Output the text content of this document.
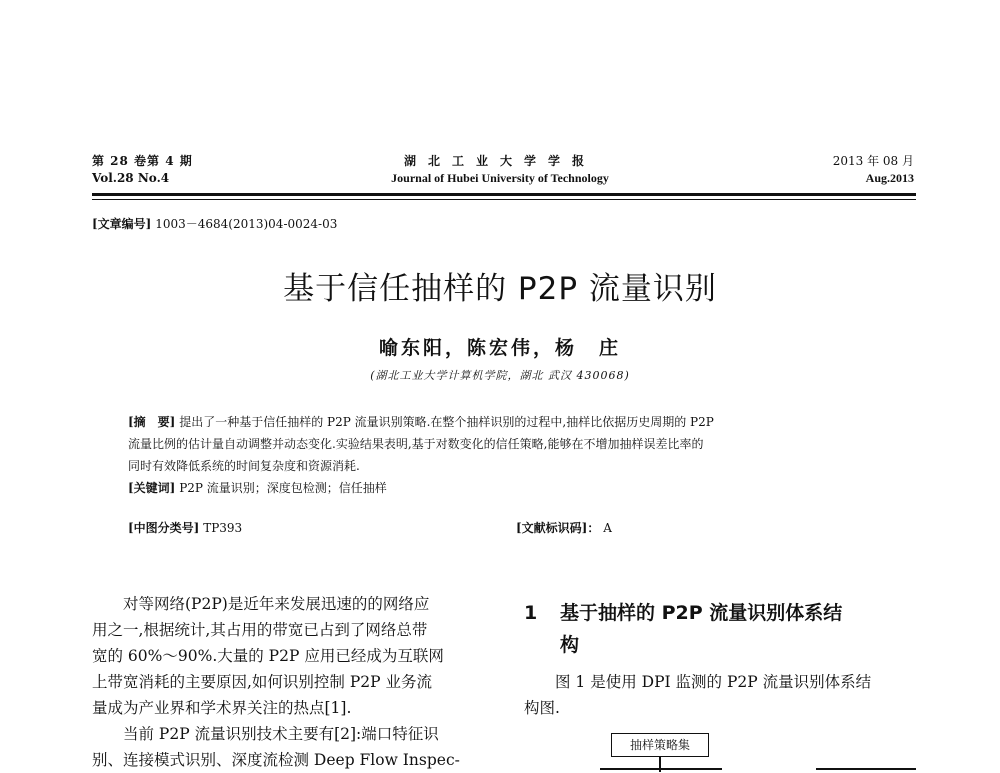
第 28 卷第 4 期
Vol.28 No.4
湖北工业大学学报
Journal of Hubei University of Technology
2013 年 08 月
Aug.2013
[文章编号] 1003－4684(2013)04-0024-03
基于信任抽样的 P2P 流量识别
喻东阳，陈宏伟，杨　庄
(湖北工业大学计算机学院，湖北 武汉 430068)
[摘　要] 提出了一种基于信任抽样的 P2P 流量识别策略.在整个抽样识别的过程中,抽样比依据历史周期的 P2P
流量比例的估计量自动调整并动态变化.实验结果表明,基于对数变化的信任策略,能够在不增加抽样误差比率的
同时有效降低系统的时间复杂度和资源消耗.
[关键词] P2P 流量识别；深度包检测；信任抽样
[中图分类号] TP393	[文献标识码]： A
　　对等网络(P2P)是近年来发展迅速的的网络应
用之一,根据统计,其占用的带宽已占到了网络总带
宽的 60%～90%.大量的 P2P 应用已经成为互联网
上带宽消耗的主要原因,如何识别控制 P2P 业务流
量成为产业界和学术界关注的热点[1].
　　当前 P2P 流量识别技术主要有[2]:端口特征识
别、连接模式识别、深度流检测 Deep Flow Inspec-
1 基于抽样的 P2P 流量识别体系结
构
　　图 1 是使用 DPI 监测的 P2P 流量识别体系结
构图.
抽样策略集
